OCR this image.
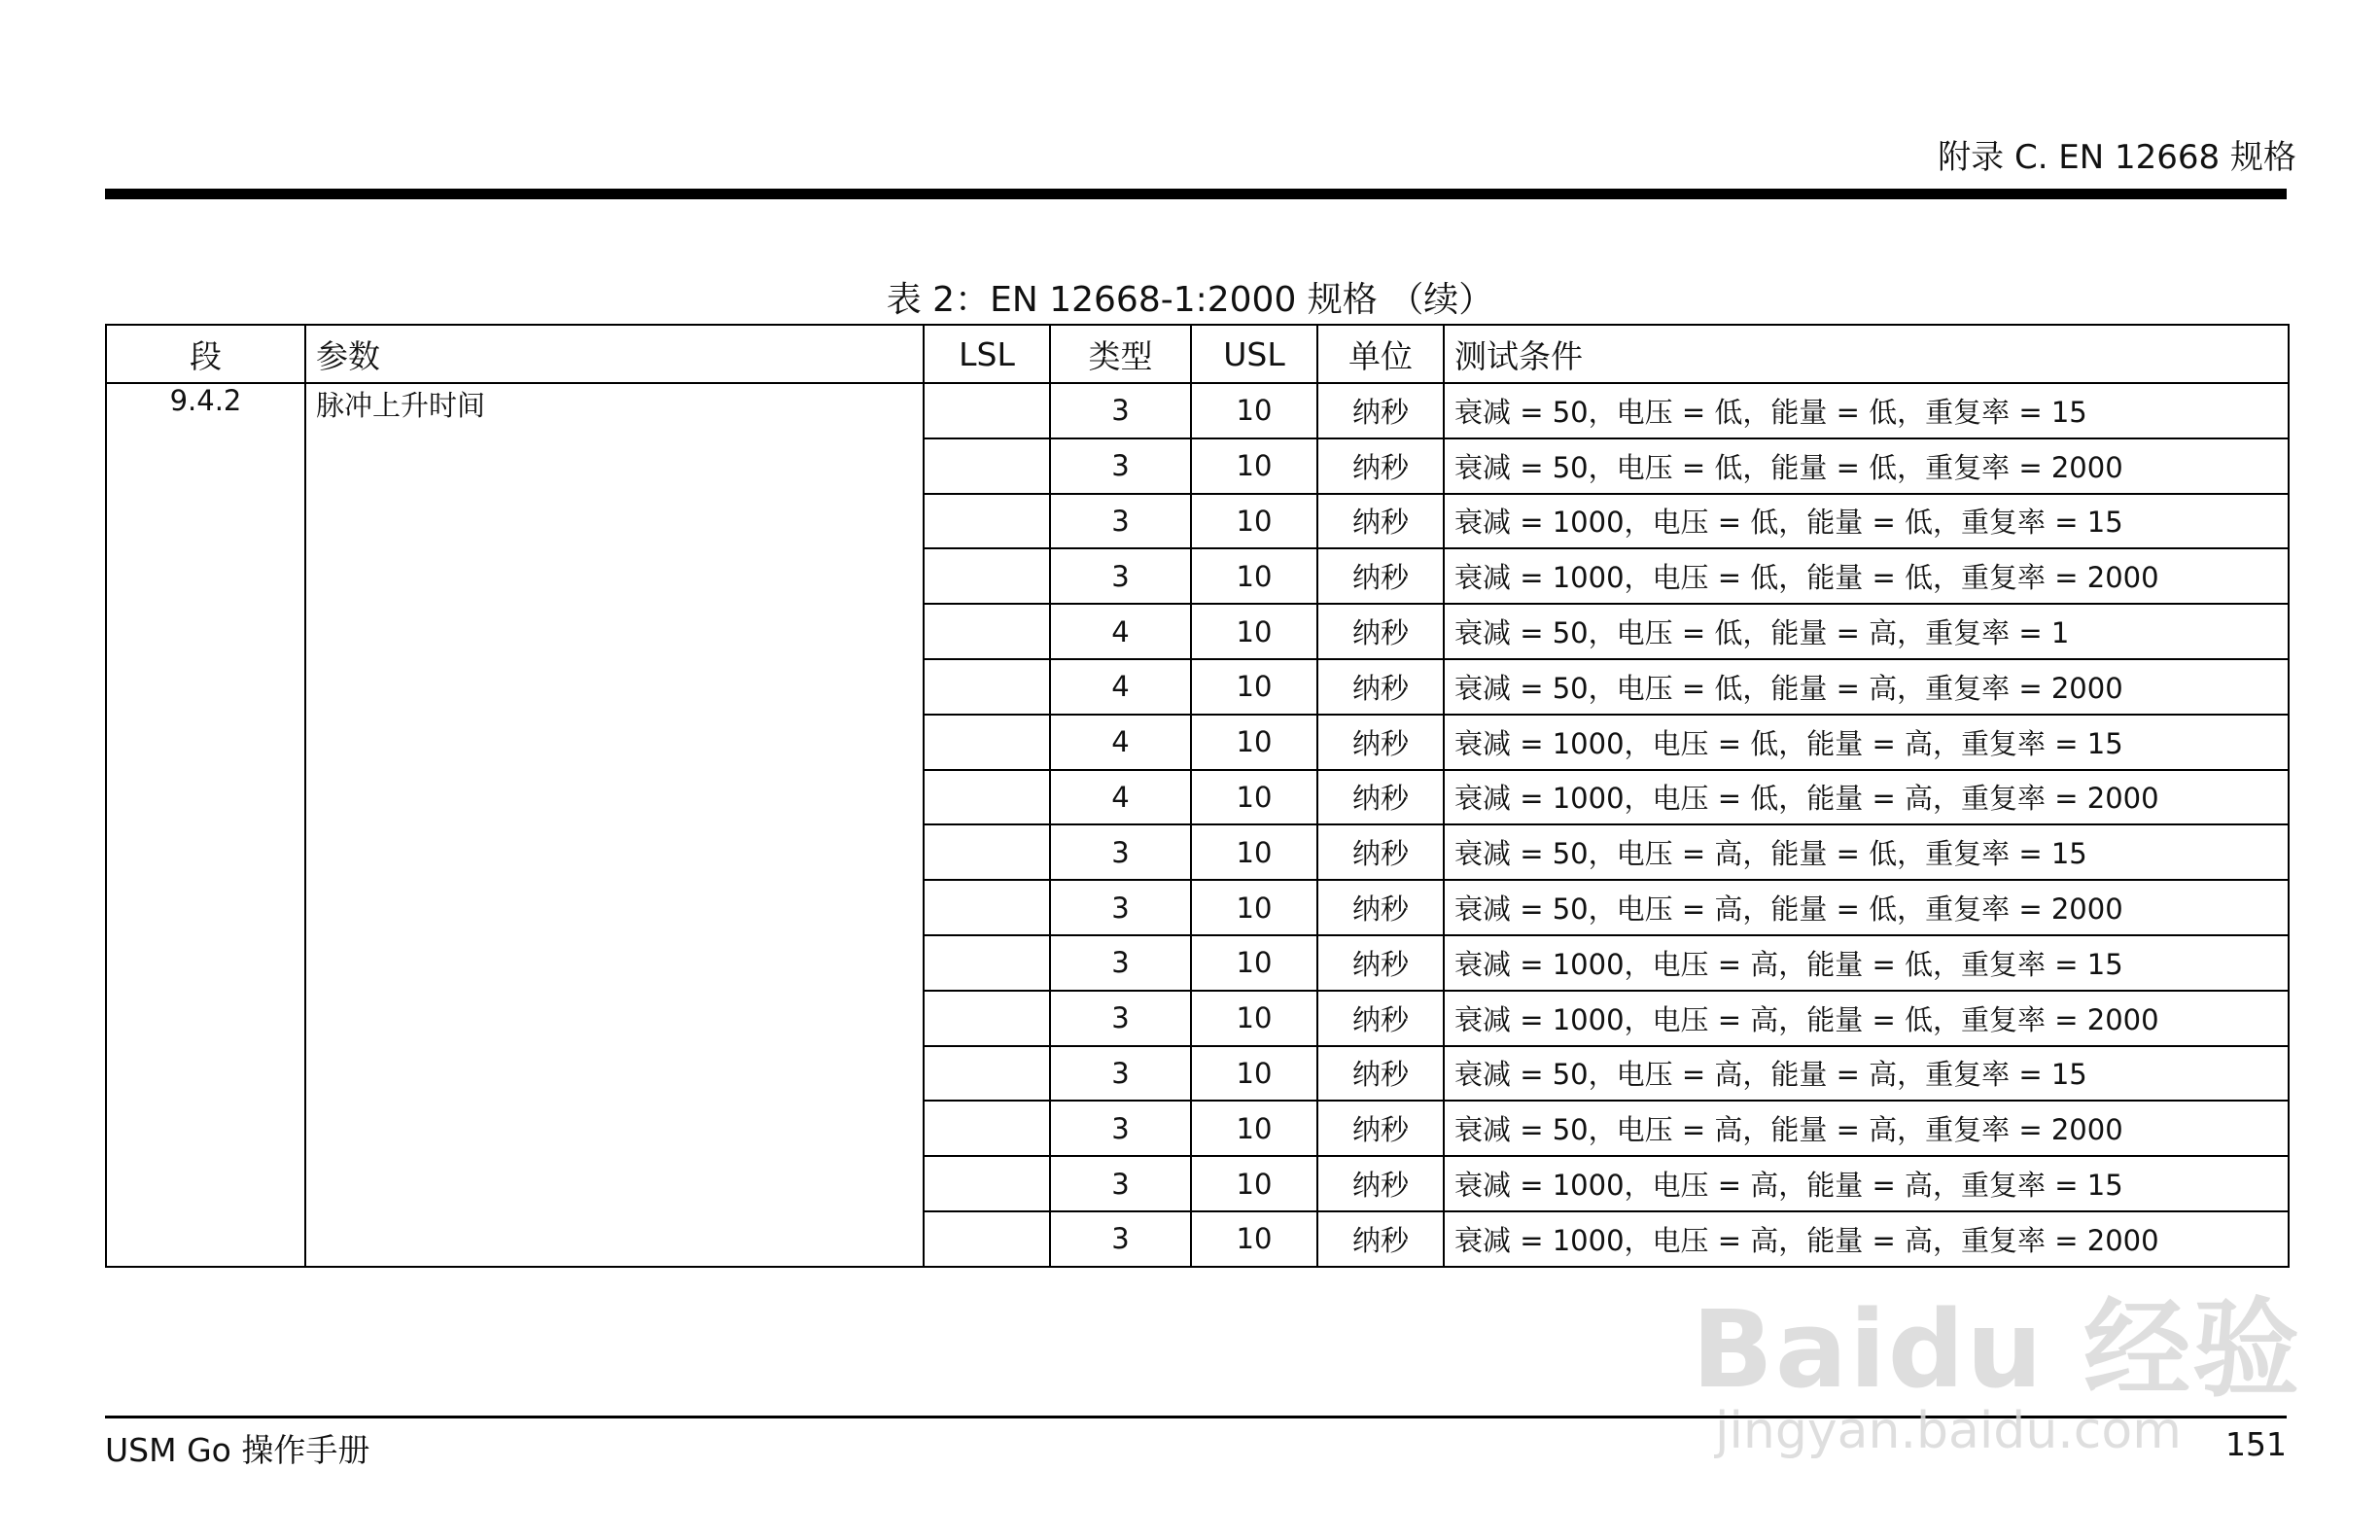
附录 C. EN 12668 规格
表 2：EN 12668-1:2000 规格 （续）
段	参数	LSL	类型	USL	单位	测试条件
9.4.2	脉冲上升时间		3	10	纳秒	衰减 = 50，电压 = 低，能量 = 低，重复率 = 15
			3	10	纳秒	衰减 = 50，电压 = 低，能量 = 低，重复率 = 2000
			3	10	纳秒	衰减 = 1000，电压 = 低，能量 = 低，重复率 = 15
			3	10	纳秒	衰减 = 1000，电压 = 低，能量 = 低，重复率 = 2000
			4	10	纳秒	衰减 = 50，电压 = 低，能量 = 高，重复率 = 1
			4	10	纳秒	衰减 = 50，电压 = 低，能量 = 高，重复率 = 2000
			4	10	纳秒	衰减 = 1000，电压 = 低，能量 = 高，重复率 = 15
			4	10	纳秒	衰减 = 1000，电压 = 低，能量 = 高，重复率 = 2000
			3	10	纳秒	衰减 = 50，电压 = 高，能量 = 低，重复率 = 15
			3	10	纳秒	衰减 = 50，电压 = 高，能量 = 低，重复率 = 2000
			3	10	纳秒	衰减 = 1000，电压 = 高，能量 = 低，重复率 = 15
			3	10	纳秒	衰减 = 1000，电压 = 高，能量 = 低，重复率 = 2000
			3	10	纳秒	衰减 = 50，电压 = 高，能量 = 高，重复率 = 15
			3	10	纳秒	衰减 = 50，电压 = 高，能量 = 高，重复率 = 2000
			3	10	纳秒	衰减 = 1000，电压 = 高，能量 = 高，重复率 = 15
			3	10	纳秒	衰减 = 1000，电压 = 高，能量 = 高，重复率 = 2000
USM Go 操作手册	151
Baidu 经验
jingyan.baidu.com
